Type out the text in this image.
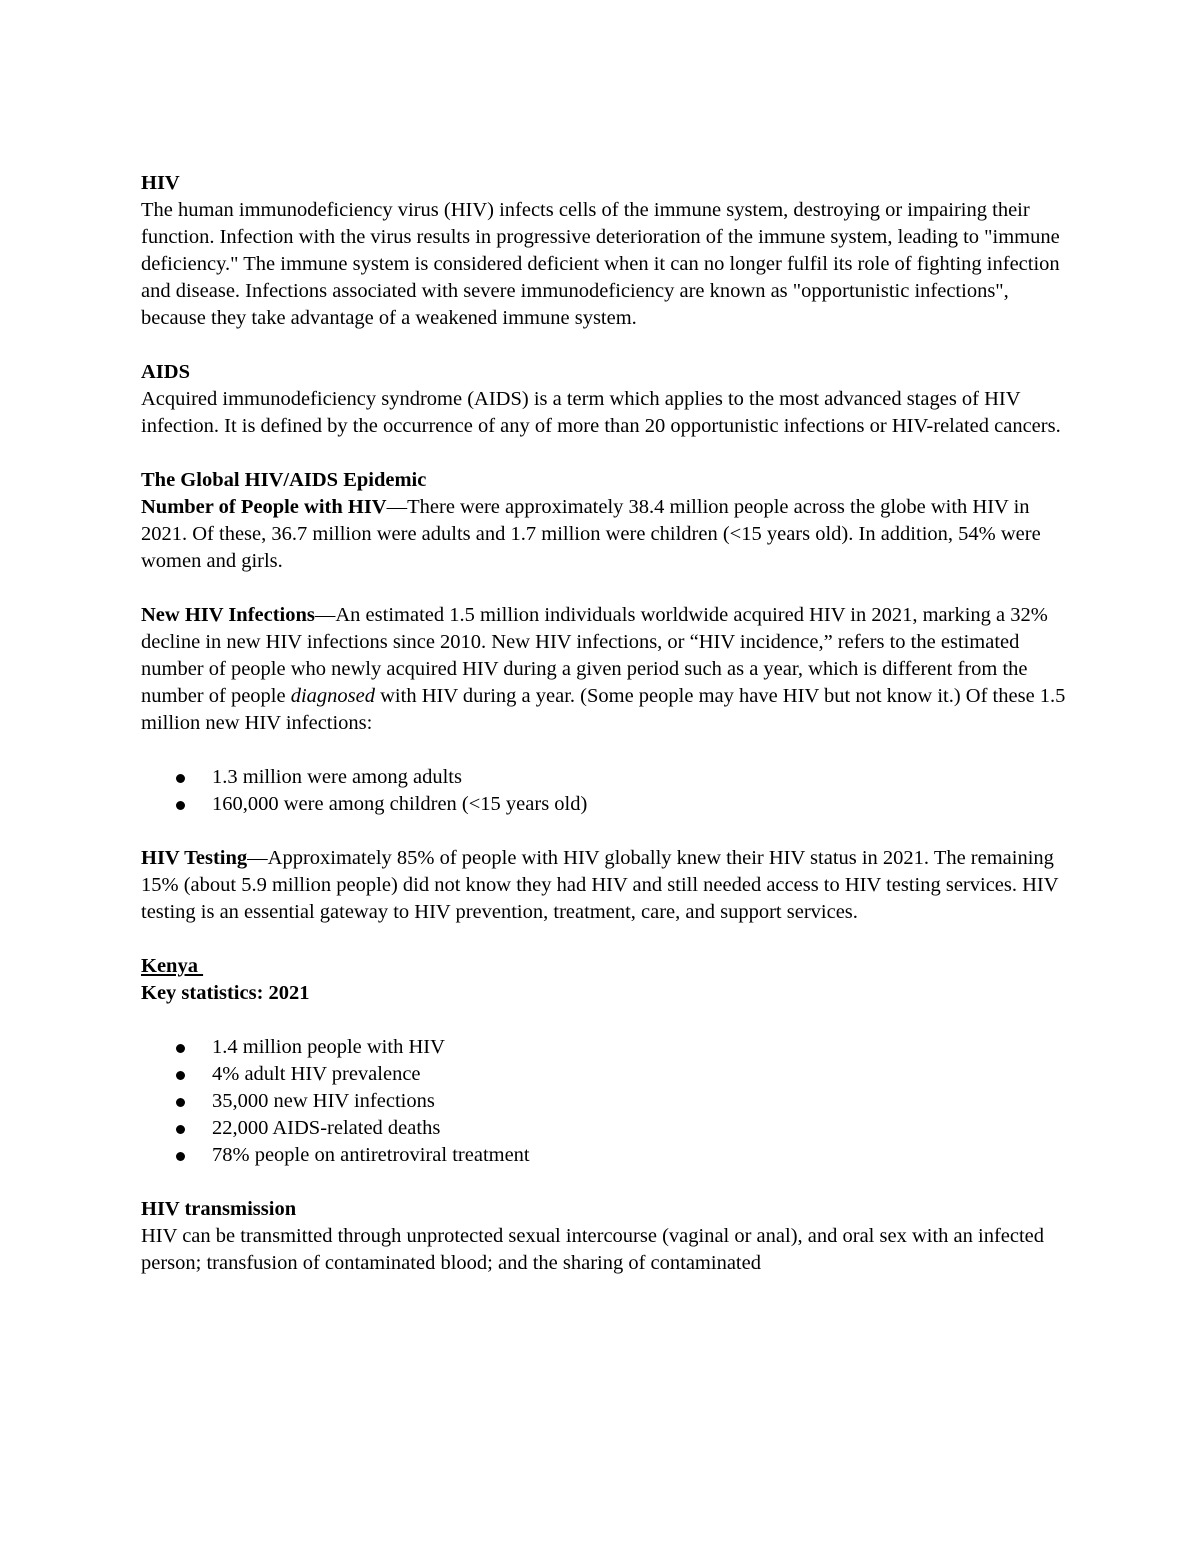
HIV

The human immunodeficiency virus (HIV) infects cells of the immune system, destroying or impairing their function. Infection with the virus results in progressive deterioration of the immune system, leading to "immune deficiency." The immune system is considered deficient when it can no longer fulfil its role of fighting infection and disease. Infections associated with severe immunodeficiency are known as "opportunistic infections", because they take advantage of a weakened immune system.

AIDS

Acquired immunodeficiency syndrome (AIDS) is a term which applies to the most advanced stages of HIV infection. It is defined by the occurrence of any of more than 20 opportunistic infections or HIV-related cancers.

The Global HIV/AIDS Epidemic

Number of People with HIV—There were approximately 38.4 million people across the globe with HIV in 2021. Of these, 36.7 million were adults and 1.7 million were children (<15 years old). In addition, 54% were women and girls.

New HIV Infections—An estimated 1.5 million individuals worldwide acquired HIV in 2021, marking a 32% decline in new HIV infections since 2010. New HIV infections, or “HIV incidence,” refers to the estimated number of people who newly acquired HIV during a given period such as a year, which is different from the number of people diagnosed with HIV during a year. (Some people may have HIV but not know it.) Of these 1.5 million new HIV infections:

1.3 million were among adults
160,000 were among children (<15 years old)

HIV Testing—Approximately 85% of people with HIV globally knew their HIV status in 2021. The remaining 15% (about 5.9 million people) did not know they had HIV and still needed access to HIV testing services. HIV testing is an essential gateway to HIV prevention, treatment, care, and support services.

Kenya

Key statistics: 2021

1.4 million people with HIV
4% adult HIV prevalence
35,000 new HIV infections
22,000 AIDS-related deaths
78% people on antiretroviral treatment

HIV transmission

HIV can be transmitted through unprotected sexual intercourse (vaginal or anal), and oral sex with an infected person; transfusion of contaminated blood; and the sharing of contaminated
